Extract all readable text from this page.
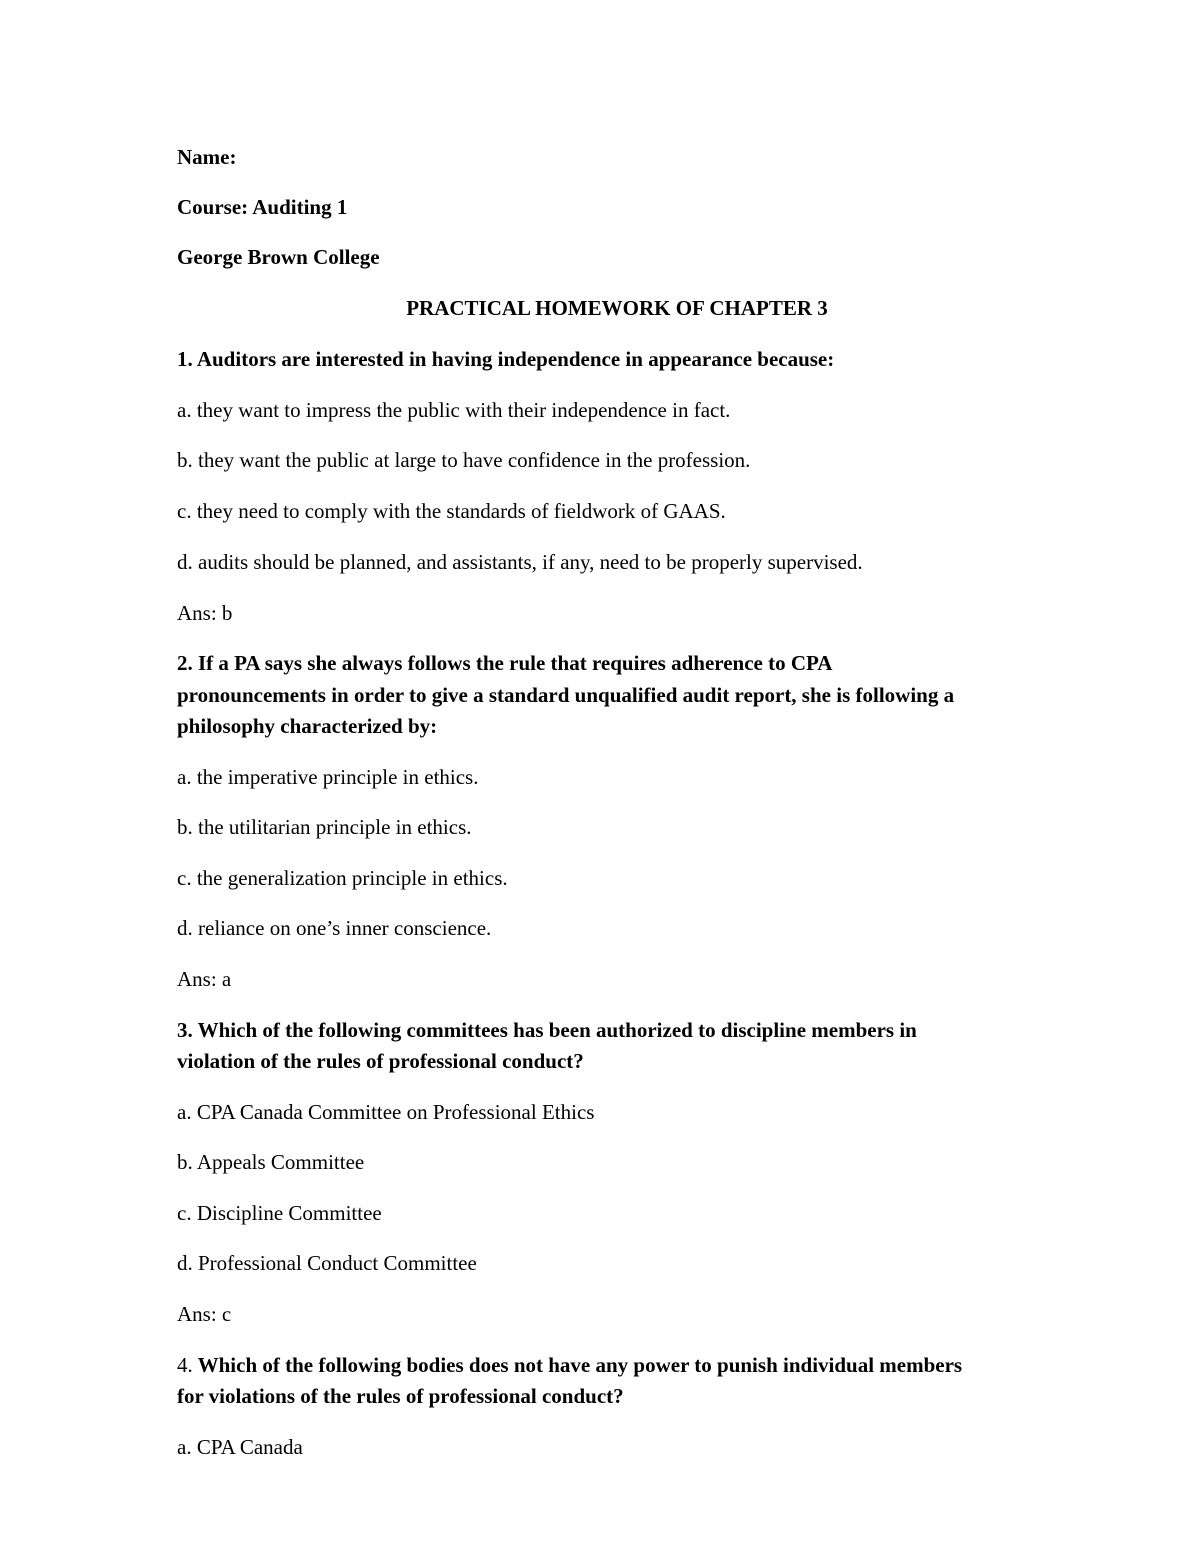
Name:
Course: Auditing 1
George Brown College
PRACTICAL HOMEWORK OF CHAPTER 3
1. Auditors are interested in having independence in appearance because:
a. they want to impress the public with their independence in fact.
b. they want the public at large to have confidence in the profession.
c. they need to comply with the standards of fieldwork of GAAS.
d. audits should be planned, and assistants, if any, need to be properly supervised.
Ans: b
2. If a PA says she always follows the rule that requires adherence to CPA
pronouncements in order to give a standard unqualified audit report, she is following a
philosophy characterized by:
a. the imperative principle in ethics.
b. the utilitarian principle in ethics.
c. the generalization principle in ethics.
d. reliance on one’s inner conscience.
Ans: a
3. Which of the following committees has been authorized to discipline members in
violation of the rules of professional conduct?
a. CPA Canada Committee on Professional Ethics
b. Appeals Committee
c. Discipline Committee
d. Professional Conduct Committee
Ans: c
4. Which of the following bodies does not have any power to punish individual members
for violations of the rules of professional conduct?
a. CPA Canada
